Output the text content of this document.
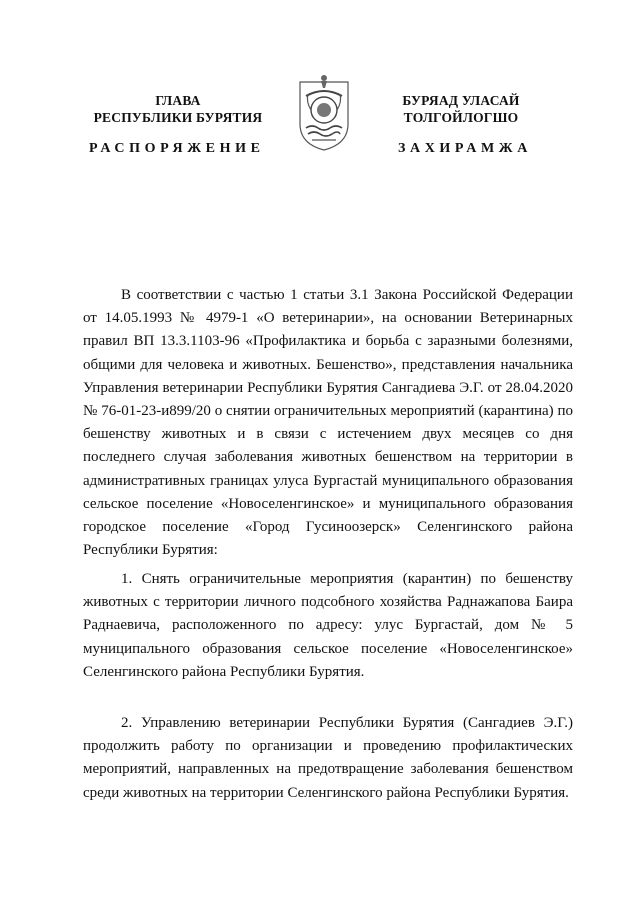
ГЛАВА
РЕСПУБЛИКИ БУРЯТИЯ
РАСПОРЯЖЕНИЕ
БУРЯАД УЛАСАЙ
ТОЛГОЙЛОГШО
ЗАХИРАМЖА

В соответствии с частью 1 статьи 3.1 Закона Российской Федерации от 14.05.1993 № 4979-1 «О ветеринарии», на основании Ветеринарных правил ВП 13.3.1103-96 «Профилактика и борьба с заразными болезнями, общими для человека и животных. Бешенство», представления начальника Управления ветеринарии Республики Бурятия Сангадиева Э.Г. от 28.04.2020 № 76-01-23-и899/20 о снятии ограничительных мероприятий (карантина) по бешенству животных и в связи с истечением двух месяцев со дня последнего случая заболевания животных бешенством на территории в административных границах улуса Бургастай муниципального образования сельское поселение «Новоселенгинское» и муниципального образования городское поселение «Город Гусиноозерск» Селенгинского района Республики Бурятия:

1. Снять ограничительные мероприятия (карантин) по бешенству животных с территории личного подсобного хозяйства Раднажапова Баира Раднаевича, расположенного по адресу: улус Бургастай, дом № 5 муниципального образования сельское поселение «Новоселенгинское» Селенгинского района Республики Бурятия.

2. Управлению ветеринарии Республики Бурятия (Сангадиев Э.Г.) продолжить работу по организации и проведению профилактических мероприятий, направленных на предотвращение заболевания бешенством среди животных на территории Селенгинского района Республики Бурятия.
